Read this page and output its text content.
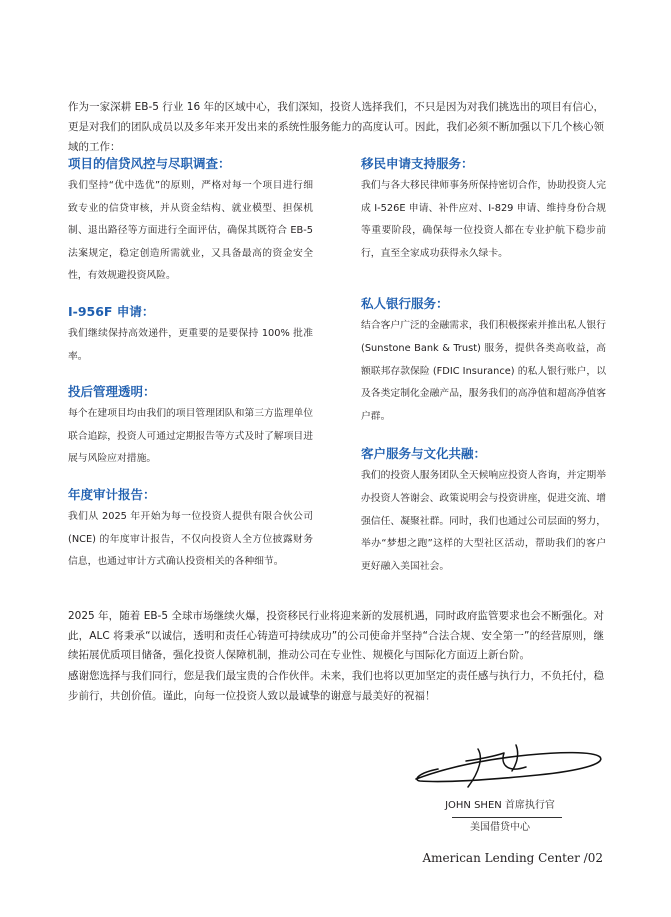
作为一家深耕 EB-5 行业 16 年的区域中心，我们深知，投资人选择我们，不只是因为对我们挑选出的项目有信心，更是对我们的团队成员以及多年来开发出来的系统性服务能力的高度认可。因此，我们必须不断加强以下几个核心领域的工作：

项目的信贷风控与尽职调查：

我们坚持“优中选优”的原则，严格对每一个项目进行细致专业的信贷审核，并从资金结构、就业模型、担保机制、退出路径等方面进行全面评估，确保其既符合 EB-5 法案规定，稳定创造所需就业，又具备最高的资金安全性，有效规避投资风险。

I-956F 申请：

我们继续保持高效递件，更重要的是要保持 100% 批准率。

投后管理透明：

每个在建项目均由我们的项目管理团队和第三方监理单位联合追踪，投资人可通过定期报告等方式及时了解项目进展与风险应对措施。

年度审计报告：

我们从 2025 年开始为每一位投资人提供有限合伙公司 (NCE) 的年度审计报告，不仅向投资人全方位披露财务信息，也通过审计方式确认投资相关的各种细节。

移民申请支持服务：

我们与各大移民律师事务所保持密切合作，协助投资人完成 I-526E 申请、补件应对、I-829 申请、维持身份合规等重要阶段，确保每一位投资人都在专业护航下稳步前行，直至全家成功获得永久绿卡。

私人银行服务：

结合客户广泛的金融需求，我们积极探索并推出私人银行 (Sunstone Bank & Trust) 服务，提供各类高收益，高额联邦存款保险 (FDIC Insurance) 的私人银行账户，以及各类定制化金融产品，服务我们的高净值和超高净值客户群。

客户服务与文化共融：

我们的投资人服务团队全天候响应投资人咨询，并定期举办投资人答谢会、政策说明会与投资讲座，促进交流、增强信任、凝聚社群。同时，我们也通过公司层面的努力，举办“梦想之跑”这样的大型社区活动，帮助我们的客户更好融入美国社会。

2025 年，随着 EB-5 全球市场继续火爆，投资移民行业将迎来新的发展机遇，同时政府监管要求也会不断强化。对此，ALC 将秉承“以诚信，透明和责任心铸造可持续成功”的公司使命并坚持“合法合规、安全第一”的经营原则，继续拓展优质项目储备，强化投资人保障机制，推动公司在专业性、规模化与国际化方面迈上新台阶。

感谢您选择与我们同行，您是我们最宝贵的合作伙伴。未来，我们也将以更加坚定的责任感与执行力，不负托付，稳步前行，共创价值。谨此，向每一位投资人致以最诚挚的谢意与最美好的祝福！

JOHN SHEN 首席执行官
美国借贷中心
American Lending Center /02
